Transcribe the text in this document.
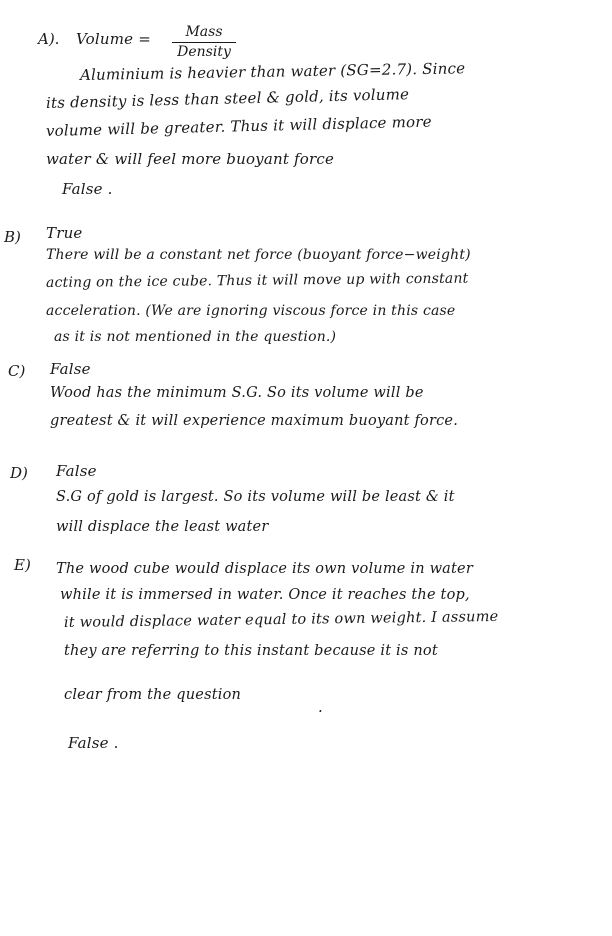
A). Volume =	Mass
Density
Aluminium is heavier than water (SG=2.7). Since
its density is less than steel & gold, its volume
volume will be greater. Thus it will displace more
water & will feel more buoyant force
False .
B) True
There will be a constant net force (buoyant force−weight)
acting on the ice cube. Thus it will move up with constant
acceleration. (We are ignoring viscous force in this case
as it is not mentioned in the question.)
C) False
Wood has the minimum S.G. So its volume will be
greatest & it will experience maximum buoyant force.
D) False
S.G of gold is largest. So its volume will be least & it
will displace the least water
E) The wood cube would displace its own volume in water
while it is immersed in water. Once it reaches the top,
it would displace water equal to its own weight. I assume
they are referring to this instant because it is not
clear from the question
False .
.
